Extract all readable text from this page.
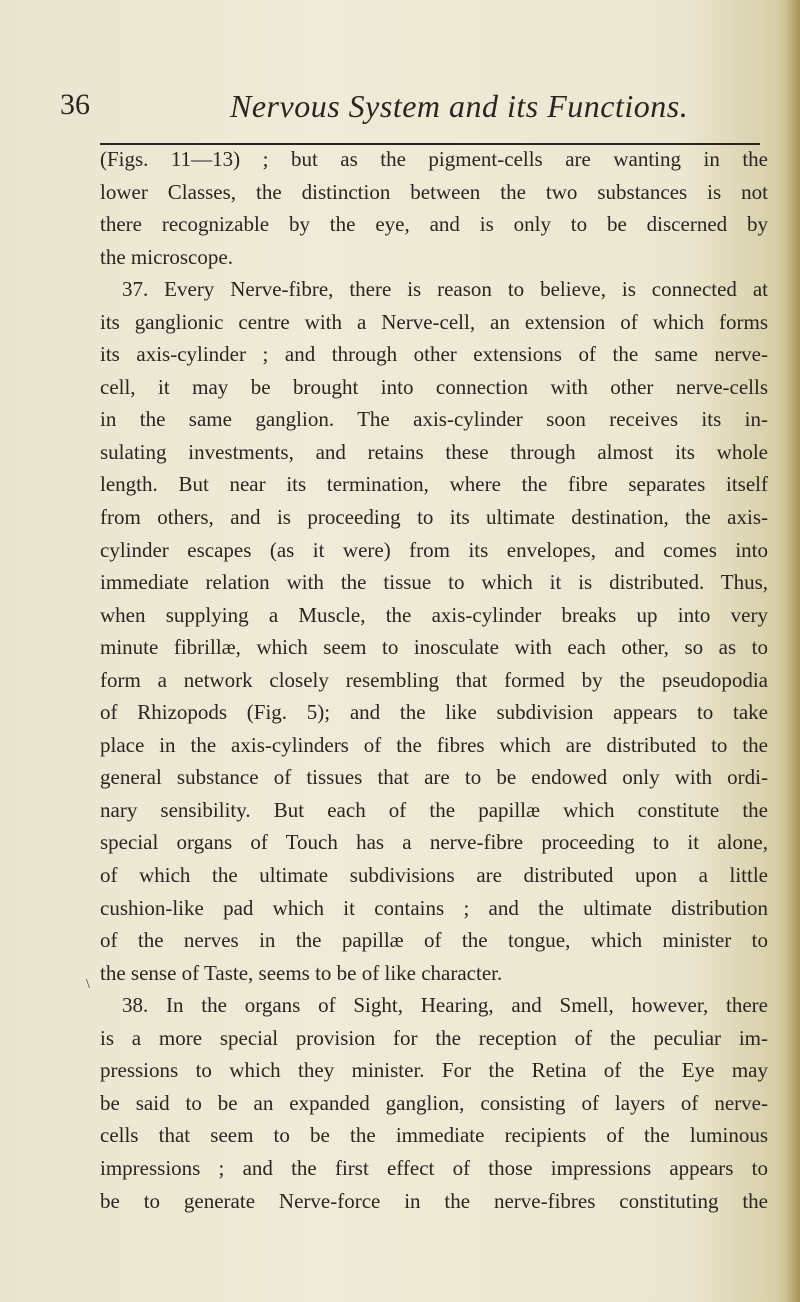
36	Nervous System and its Functions.
(Figs. 11—13) ; but as the pigment-cells are wanting in the
lower Classes, the distinction between the two substances is not
there recognizable by the eye, and is only to be discerned by
the microscope.
37. Every Nerve-fibre, there is reason to believe, is connected at
its ganglionic centre with a Nerve-cell, an extension of which forms
its axis-cylinder ; and through other extensions of the same nerve-
cell, it may be brought into connection with other nerve-cells
in the same ganglion. The axis-cylinder soon receives its in-
sulating investments, and retains these through almost its whole
length. But near its termination, where the fibre separates itself
from others, and is proceeding to its ultimate destination, the axis-
cylinder escapes (as it were) from its envelopes, and comes into
immediate relation with the tissue to which it is distributed. Thus,
when supplying a Muscle, the axis-cylinder breaks up into very
minute fibrillæ, which seem to inosculate with each other, so as to
form a network closely resembling that formed by the pseudopodia
of Rhizopods (Fig. 5); and the like subdivision appears to take
place in the axis-cylinders of the fibres which are distributed to the
general substance of tissues that are to be endowed only with ordi-
nary sensibility. But each of the papillæ which constitute the
special organs of Touch has a nerve-fibre proceeding to it alone,
of which the ultimate subdivisions are distributed upon a little
cushion-like pad which it contains ; and the ultimate distribution
of the nerves in the papillæ of the tongue, which minister to
the sense of Taste, seems to be of like character.
38. In the organs of Sight, Hearing, and Smell, however, there
is a more special provision for the reception of the peculiar im-
pressions to which they minister. For the Retina of the Eye may
be said to be an expanded ganglion, consisting of layers of nerve-
cells that seem to be the immediate recipients of the luminous
impressions ; and the first effect of those impressions appears to
be to generate Nerve-force in the nerve-fibres constituting the
\
